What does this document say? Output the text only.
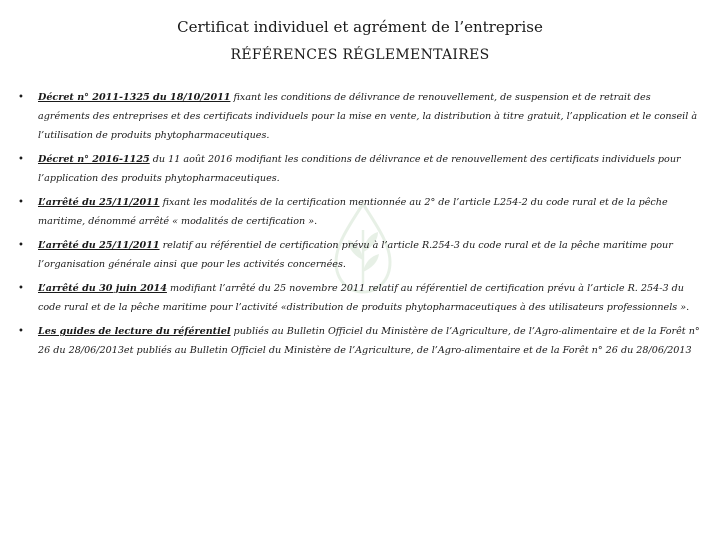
Certificat individuel et agrément de l’entreprise
RÉFÉRENCES RÉGLEMENTAIRES
• Décret n° 2011-1325 du 18/10/2011 fixant les conditions de délivrance de renouvellement, de suspension et de retrait des agréments des entreprises et des certificats individuels pour la mise en vente, la distribution à titre gratuit, l’application et le conseil à l’utilisation de produits phytopharmaceutiques.
• Décret n° 2016-1125 du 11 août 2016 modifiant les conditions de délivrance et de renouvellement des certificats individuels pour l’application des produits phytopharmaceutiques.
• L’arrêté du 25/11/2011 fixant les modalités de la certification mentionnée au 2° de l’article L254-2 du code rural et de la pêche maritime, dénommé arrêté « modalités de certification ».
• L’arrêté du 25/11/2011 relatif au référentiel de certification prévu à l’article R.254-3 du code rural et de la pêche maritime pour l’organisation générale ainsi que pour les activités concernées.
• L’arrêté du 30 juin 2014 modifiant l’arrêté du 25 novembre 2011 relatif au référentiel de certification prévu à l’article R. 254-3 du code rural et de la pêche maritime pour l’activité «distribution de produits phytopharmaceutiques à des utilisateurs professionnels ».
• Les guides de lecture du référentiel publiés au Bulletin Officiel du Ministère de l’Agriculture, de l’Agro-alimentaire et de la Forêt n° 26 du 28/06/2013et publiés au Bulletin Officiel du Ministère de l’Agriculture, de l’Agro-alimentaire et de la Forêt n° 26 du 28/06/2013
